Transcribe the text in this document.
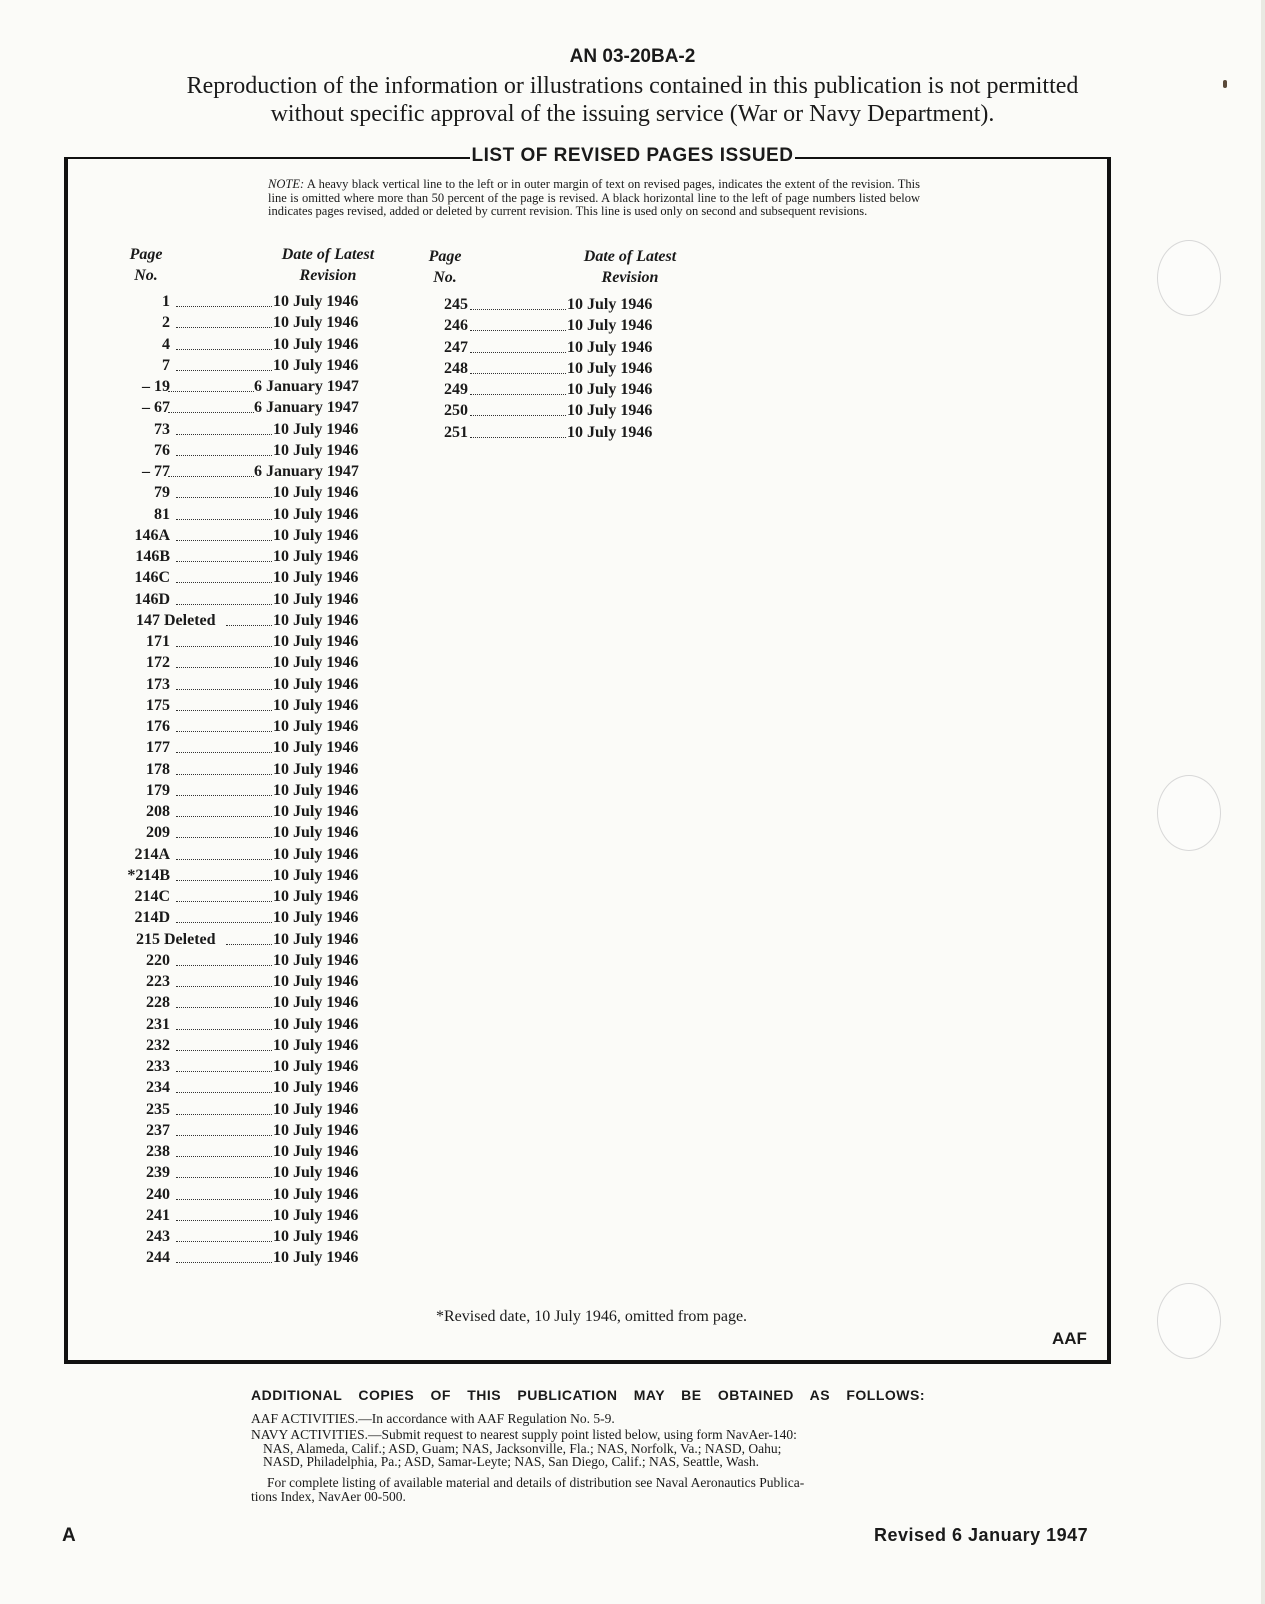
AN 03-20BA-2
Reproduction of the information or illustrations contained in this publication is not permitted
without specific approval of the issuing service (War or Navy Department).
LIST OF REVISED PAGES ISSUED
NOTE: A heavy black vertical line to the left or in outer margin of text on revised pages, indicates the extent of the revision. This line is omitted where more than 50 percent of the page is revised. A black horizontal line to the left of page numbers listed below indicates pages revised, added or deleted by current revision. This line is used only on second and subsequent revisions.
Page
No.
Date of Latest
Revision
Page
No.
Date of Latest
Revision
1	10 July 1946
2	10 July 1946
4	10 July 1946
7	10 July 1946
– 19	6 January 1947
– 67	6 January 1947
73	10 July 1946
76	10 July 1946
– 77	6 January 1947
79	10 July 1946
81	10 July 1946
146A	10 July 1946
146B	10 July 1946
146C	10 July 1946
146D	10 July 1946
147 Deleted	10 July 1946
171	10 July 1946
172	10 July 1946
173	10 July 1946
175	10 July 1946
176	10 July 1946
177	10 July 1946
178	10 July 1946
179	10 July 1946
208	10 July 1946
209	10 July 1946
214A	10 July 1946
*214B	10 July 1946
214C	10 July 1946
214D	10 July 1946
215 Deleted	10 July 1946
220	10 July 1946
223	10 July 1946
228	10 July 1946
231	10 July 1946
232	10 July 1946
233	10 July 1946
234	10 July 1946
235	10 July 1946
237	10 July 1946
238	10 July 1946
239	10 July 1946
240	10 July 1946
241	10 July 1946
243	10 July 1946
244	10 July 1946
245	10 July 1946
246	10 July 1946
247	10 July 1946
248	10 July 1946
249	10 July 1946
250	10 July 1946
251	10 July 1946
*Revised date, 10 July 1946, omitted from page.
AAF
ADDITIONAL COPIES OF THIS PUBLICATION MAY BE OBTAINED AS FOLLOWS:
AAF ACTIVITIES.—In accordance with AAF Regulation No. 5-9.
NAVY ACTIVITIES.—Submit request to nearest supply point listed below, using form NavAer-140:
NAS, Alameda, Calif.; ASD, Guam; NAS, Jacksonville, Fla.; NAS, Norfolk, Va.; NASD, Oahu;
NASD, Philadelphia, Pa.; ASD, Samar-Leyte; NAS, San Diego, Calif.; NAS, Seattle, Wash.
For complete listing of available material and details of distribution see Naval Aeronautics Publica-
tions Index, NavAer 00-500.
A	Revised 6 January 1947
